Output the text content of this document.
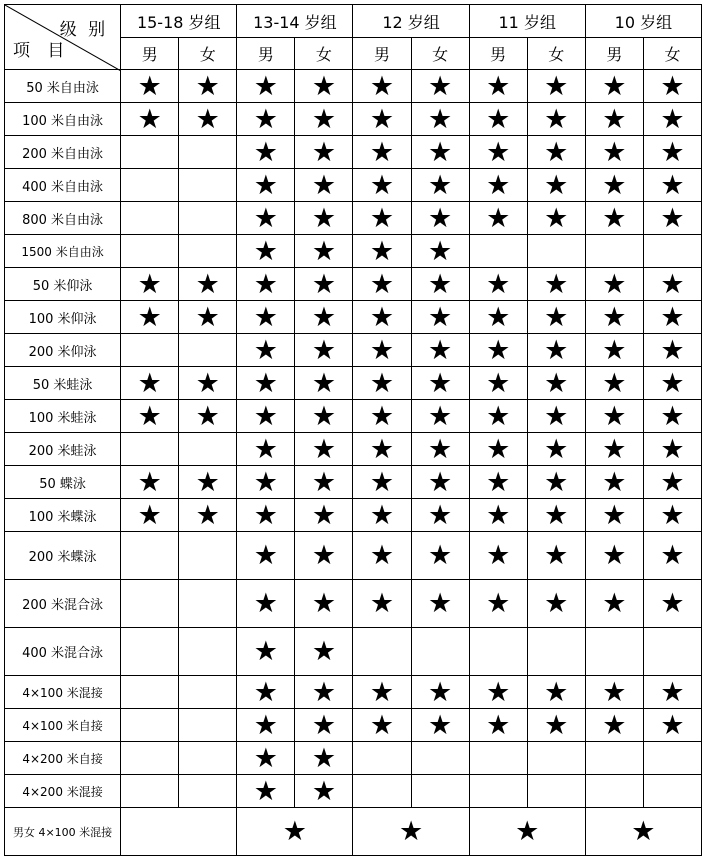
级 别
项 目	15-18 岁组		13-14 岁组		12 岁组		11 岁组		10 岁组	
	男	女	男	女	男	女	男	女	男	女
50 米自由泳	★	★	★	★	★	★	★	★	★	★
100 米自由泳	★	★	★	★	★	★	★	★	★	★
200 米自由泳			★	★	★	★	★	★	★	★
400 米自由泳			★	★	★	★	★	★	★	★
800 米自由泳			★	★	★	★	★	★	★	★
1500 米自由泳			★	★	★	★				
50 米仰泳	★	★	★	★	★	★	★	★	★	★
100 米仰泳	★	★	★	★	★	★	★	★	★	★
200 米仰泳			★	★	★	★	★	★	★	★
50 米蛙泳	★	★	★	★	★	★	★	★	★	★
100 米蛙泳	★	★	★	★	★	★	★	★	★	★
200 米蛙泳			★	★	★	★	★	★	★	★
50 蝶泳	★	★	★	★	★	★	★	★	★	★
100 米蝶泳	★	★	★	★	★	★	★	★	★	★
200 米蝶泳			★	★	★	★	★	★	★	★
200 米混合泳			★	★	★	★	★	★	★	★
400 米混合泳			★	★						
4×100 米混接			★	★	★	★	★	★	★	★
4×100 米自接			★	★	★	★	★	★	★	★
4×200 米自接			★	★						
4×200 米混接			★	★						
男女 4×100 米混接			★		★		★		★	
